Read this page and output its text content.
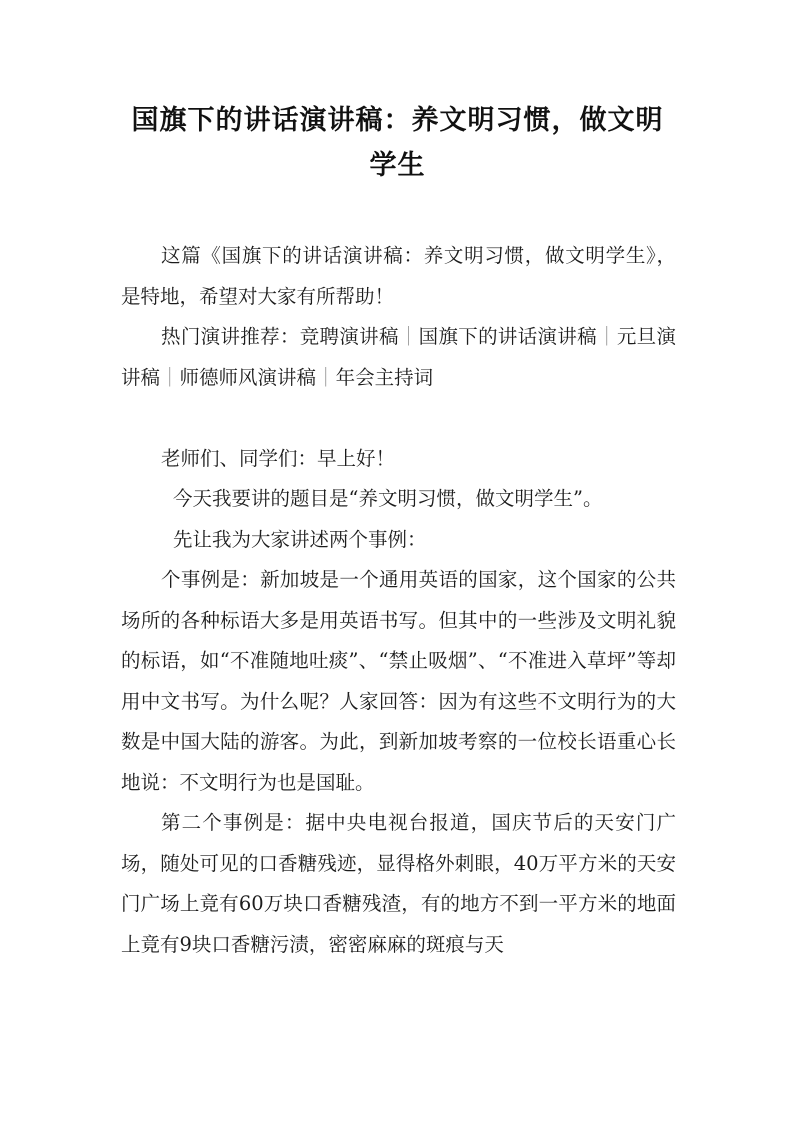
国旗下的讲话演讲稿：养文明习惯，做文明学生

这篇《国旗下的讲话演讲稿：养文明习惯，做文明学生》，是特地，希望对大家有所帮助！

热门演讲推荐：竞聘演讲稿｜国旗下的讲话演讲稿｜元旦演讲稿｜师德师风演讲稿｜年会主持词

老师们、同学们：早上好！

今天我要讲的题目是“养文明习惯，做文明学生”。

先让我为大家讲述两个事例：

个事例是：新加坡是一个通用英语的国家，这个国家的公共场所的各种标语大多是用英语书写。但其中的一些涉及文明礼貌的标语，如“不准随地吐痰”、“禁止吸烟”、“不准进入草坪”等却用中文书写。为什么呢？人家回答：因为有这些不文明行为的大数是中国大陆的游客。为此，到新加坡考察的一位校长语重心长地说：不文明行为也是国耻。

第二个事例是：据中央电视台报道，国庆节后的天安门广场，随处可见的口香糖残迹，显得格外刺眼，40万平方米的天安门广场上竟有60万块口香糖残渣，有的地方不到一平方米的地面上竟有9块口香糖污渍，密密麻麻的斑痕与天
